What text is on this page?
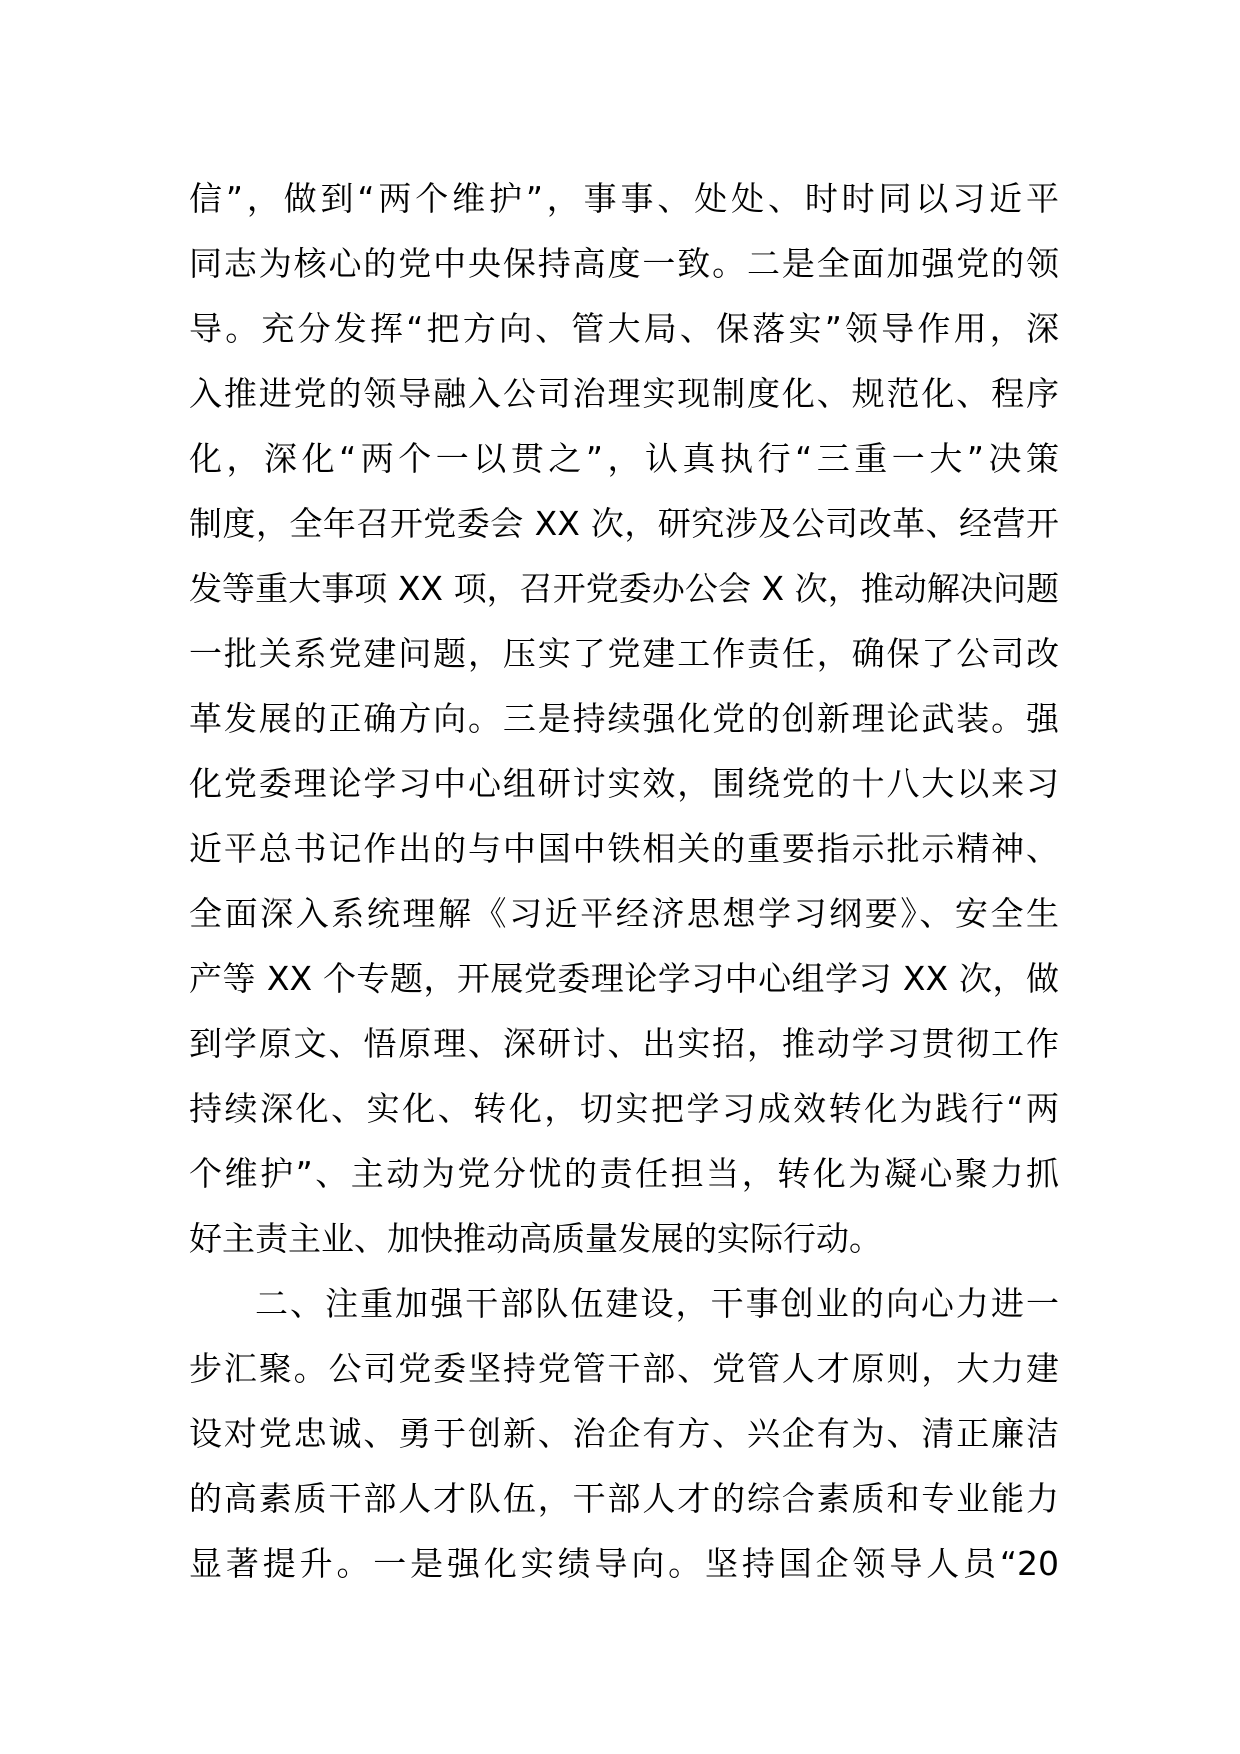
信”，做到“两个维护”，事事、处处、时时同以习近平
同志为核心的党中央保持高度一致。二是全面加强党的领
导。充分发挥“把方向、管大局、保落实”领导作用，深
入推进党的领导融入公司治理实现制度化、规范化、程序
化，深化“两个一以贯之”，认真执行“三重一大”决策
制度，全年召开党委会 XX 次，研究涉及公司改革、经营开
发等重大事项 XX 项，召开党委办公会 X 次，推动解决问题
一批关系党建问题，压实了党建工作责任，确保了公司改
革发展的正确方向。三是持续强化党的创新理论武装。强
化党委理论学习中心组研讨实效，围绕党的十八大以来习
近平总书记作出的与中国中铁相关的重要指示批示精神、
全面深入系统理解《习近平经济思想学习纲要》、安全生
产等 XX 个专题，开展党委理论学习中心组学习 XX 次，做
到学原文、悟原理、深研讨、出实招，推动学习贯彻工作
持续深化、实化、转化，切实把学习成效转化为践行“两
个维护”、主动为党分忧的责任担当，转化为凝心聚力抓
好主责主业、加快推动高质量发展的实际行动。
二、注重加强干部队伍建设，干事创业的向心力进一
步汇聚。公司党委坚持党管干部、党管人才原则，大力建
设对党忠诚、勇于创新、治企有方、兴企有为、清正廉洁
的高素质干部人才队伍，干部人才的综合素质和专业能力
显著提升。一是强化实绩导向。坚持国企领导人员“20
